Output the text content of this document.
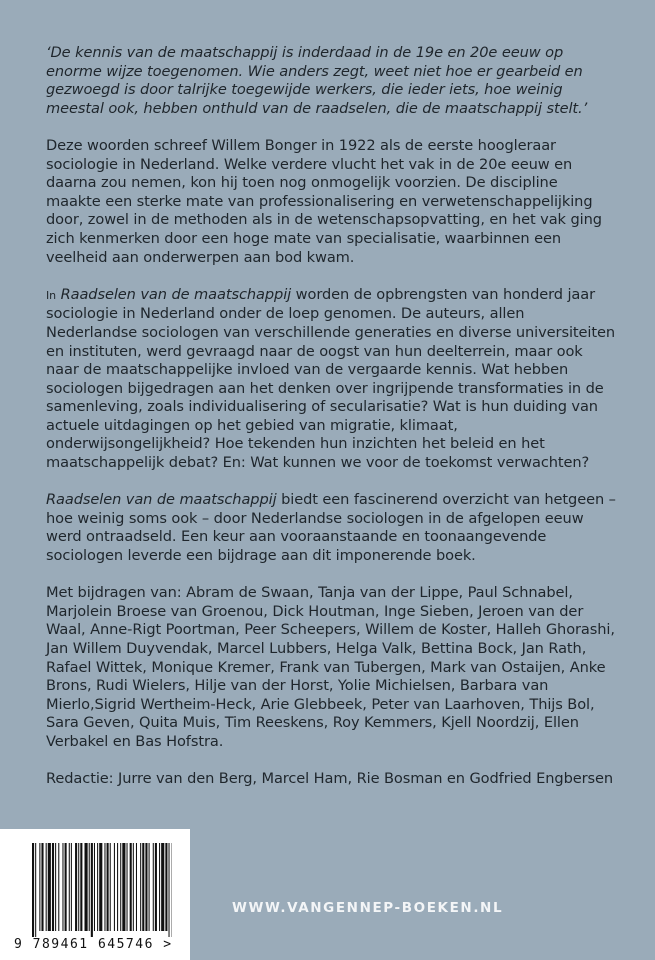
‘De kennis van de maatschappij is inderdaad in de 19e en 20e eeuw op enorme wijze toegenomen. Wie anders zegt, weet niet hoe er gearbeid en gezwoegd is door talrijke toegewijde werkers, die ieder iets, hoe weinig meestal ook, hebben onthuld van de raadselen, die de maatschappij stelt.’

Deze woorden schreef Willem Bonger in 1922 als de eerste hoogleraar sociologie in Nederland. Welke verdere vlucht het vak in de 20e eeuw en daarna zou nemen, kon hij toen nog onmogelijk voorzien. De discipline maakte een sterke mate van professionalisering en verwetenschappelijking door, zowel in de methoden als in de wetenschapsopvatting, en het vak ging zich kenmerken door een hoge mate van specialisatie, waarbinnen een veelheid aan onderwerpen aan bod kwam.

In Raadselen van de maatschappij worden de opbrengsten van honderd jaar sociologie in Nederland onder de loep genomen. De auteurs, allen Nederlandse sociologen van verschillende generaties en diverse universiteiten en instituten, werd gevraagd naar de oogst van hun deelterrein, maar ook naar de maatschappelijke invloed van de vergaarde kennis. Wat hebben sociologen bijgedragen aan het denken over ingrijpende transformaties in de samenleving, zoals individualisering of secularisatie? Wat is hun duiding van actuele uitdagingen op het gebied van migratie, klimaat, onderwijsongelijkheid? Hoe tekenden hun inzichten het beleid en het maatschappelijk debat? En: Wat kunnen we voor de toekomst verwachten?

Raadselen van de maatschappij biedt een fascinerend overzicht van hetgeen – hoe weinig soms ook – door Nederlandse sociologen in de afgelopen eeuw werd ontraadseld. Een keur aan vooraanstaande en toonaangevende sociologen leverde een bijdrage aan dit imponerende boek.

Met bijdragen van: Abram de Swaan, Tanja van der Lippe, Paul Schnabel, Marjolein Broese van Groenou, Dick Houtman, Inge Sieben, Jeroen van der Waal, Anne-Rigt Poortman, Peer Scheepers, Willem de Koster, Halleh Ghorashi, Jan Willem Duyvendak, Marcel Lubbers, Helga Valk, Bettina Bock, Jan Rath, Rafael Wittek, Monique Kremer, Frank van Tubergen, Mark van Ostaijen, Anke Brons, Rudi Wielers, Hilje van der Horst, Yolie Michielsen, Barbara van Mierlo,Sigrid Wertheim-Heck, Arie Glebbeek, Peter van Laarhoven, Thijs Bol, Sara Geven, Quita Muis, Tim Reeskens, Roy Kemmers, Kjell Noordzij, Ellen Verbakel en Bas Hofstra.

Redactie: Jurre van den Berg, Marcel Ham, Rie Bosman en Godfried Engbersen

9 789461 645746 >
WWW.VANGENNEP-BOEKEN.NL
